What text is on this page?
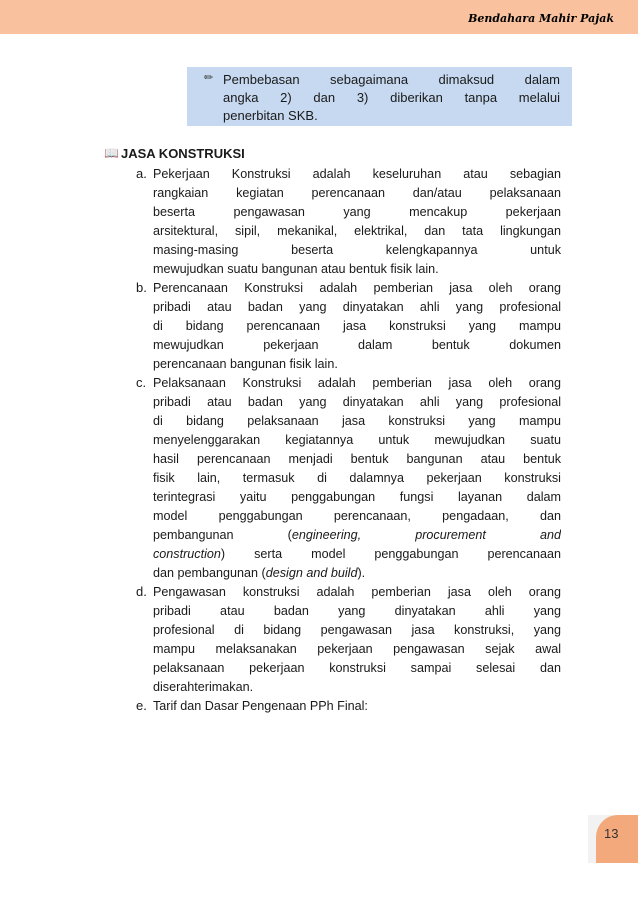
Bendahara Mahir Pajak
✏ Pembebasan sebagaimana dimaksud dalam
angka 2) dan 3) diberikan tanpa melalui
penerbitan SKB.
📖 JASA KONSTRUKSI
a. Pekerjaan Konstruksi adalah keseluruhan atau sebagian
rangkaian kegiatan perencanaan dan/atau pelaksanaan
beserta pengawasan yang mencakup pekerjaan
arsitektural, sipil, mekanikal, elektrikal, dan tata lingkungan
masing-masing beserta kelengkapannya untuk
mewujudkan suatu bangunan atau bentuk fisik lain.
b. Perencanaan Konstruksi adalah pemberian jasa oleh orang
pribadi atau badan yang dinyatakan ahli yang profesional
di bidang perencanaan jasa konstruksi yang mampu
mewujudkan pekerjaan dalam bentuk dokumen
perencanaan bangunan fisik lain.
c. Pelaksanaan Konstruksi adalah pemberian jasa oleh orang
pribadi atau badan yang dinyatakan ahli yang profesional
di bidang pelaksanaan jasa konstruksi yang mampu
menyelenggarakan kegiatannya untuk mewujudkan suatu
hasil perencanaan menjadi bentuk bangunan atau bentuk
fisik lain, termasuk di dalamnya pekerjaan konstruksi
terintegrasi yaitu penggabungan fungsi layanan dalam
model penggabungan perencanaan, pengadaan, dan
pembangunan (engineering, procurement and
construction) serta model penggabungan perencanaan
dan pembangunan (design and build).
d. Pengawasan konstruksi adalah pemberian jasa oleh orang
pribadi atau badan yang dinyatakan ahli yang
profesional di bidang pengawasan jasa konstruksi, yang
mampu melaksanakan pekerjaan pengawasan sejak awal
pelaksanaan pekerjaan konstruksi sampai selesai dan
diserahterimakan.
e. Tarif dan Dasar Pengenaan PPh Final:
13
